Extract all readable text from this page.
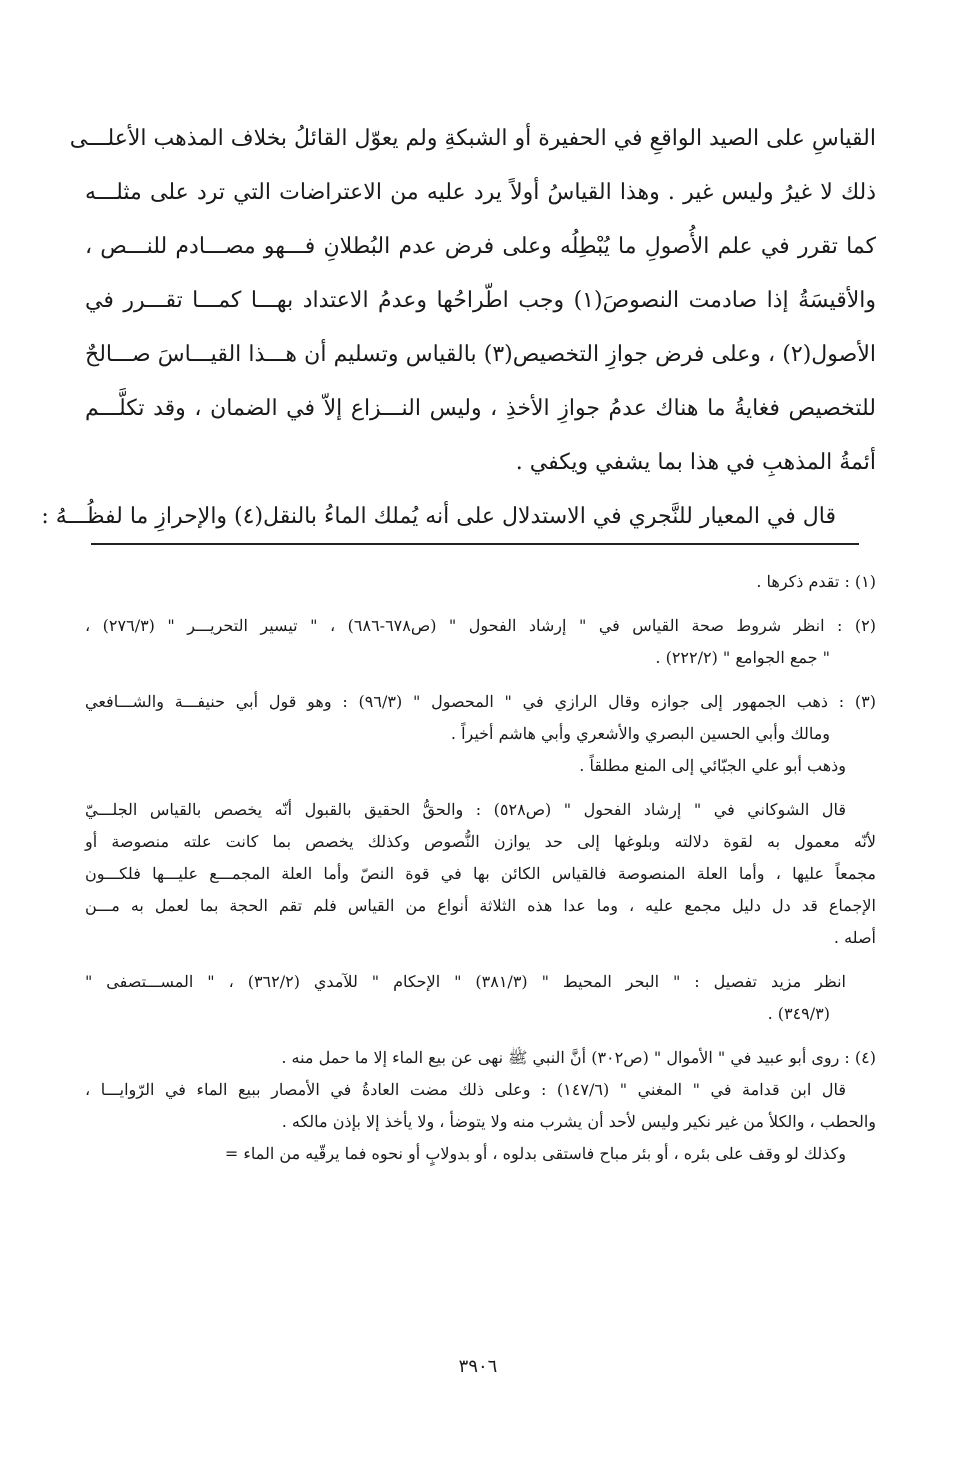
القياسِ على الصيد الواقعِ في الحفيرة أو الشبكةِ ولم يعوّل القائلُ بخلاف المذهب الأعلـــى
ذلك لا غيرُ وليس غير . وهذا القياسُ أولاً يرد عليه من الاعتراضات التي ترد على مثلـــه
كما تقرر في علم الأُصولِ ما يُبْطِلُه وعلى فرض عدم البُطلانِ فـــهو مصـــادم للنـــص ،
والأقيسَةُ إذا صادمت النصوصَ(١) وجب اطّراحُها وعدمُ الاعتداد بهـــا كمـــا تقـــرر في
الأصول(٢) ، وعلى فرض جوازِ التخصيص(٣) بالقياس وتسليم أن هـــذا القيـــاسَ صـــالحٌ
للتخصيص فغايةُ ما هناك عدمُ جوازِ الأخذِ ، وليس النـــزاع إلاّ في الضمان ، وقد تكلَّـــم
أئمةُ المذهبِ في هذا بما يشفي ويكفي .
قال في المعيار للنَّجري في الاستدلال على أنه يُملك الماءُ بالنقل(٤) والإحرازِ ما لفظُـــهُ :
(١) : تقدم ذكرها .
(٢) : انظر شروط صحة القياس في " إرشاد الفحول " (ص٦٧٨-٦٨٦) ، " تيسير التحريـــر " (٢٧٦/٣) ،
" جمع الجوامع " (٢٢٢/٢) .
(٣) : ذهب الجمهور إلى جوازه وقال الرازي في " المحصول " (٩٦/٣) : وهو قول أبي حنيفـــة والشـــافعي
ومالك وأبي الحسين البصري والأشعري وأبي هاشم أخيراً .
وذهب أبو علي الجبّائي إلى المنع مطلقاً .
قال الشوكاني في " إرشاد الفحول " (ص٥٢٨) : والحقُّ الحقيق بالقبول أنّه يخصص بالقياس الجلـــيّ
لأنّه معمول به لقوة دلالته وبلوغها إلى حد يوازن النُّصوص وكذلك يخصص بما كانت علته منصوصة أو
مجمعاً عليها ، وأما العلة المنصوصة فالقياس الكائن بها في قوة النصّ وأما العلة المجمـــع عليـــها فلكـــون
الإجماع قد دل دليل مجمع عليه ، وما عدا هذه الثلاثة أنواع من القياس فلم تقم الحجة بما لعمل به مـــن
أصله .
انظر مزيد تفصيل : " البحر المحيط " (٣٨١/٣) " الإحكام " للآمدي (٣٦٢/٢) ، " المســـتصفى "
(٣٤٩/٣) .
(٤) : روى أبو عبيد في " الأموال " (ص٣٠٢) أنَّ النبي ﷺ نهى عن بيع الماء إلا ما حمل منه .
قال ابن قدامة في " المغني " (١٤٧/٦) : وعلى ذلك مضت العادةُ في الأمصار ببيع الماء في الرّوايـــا ،
والحطب ، والكلأ من غير نكير وليس لأحد أن يشرب منه ولا يتوضأ ، ولا يأخذ إلا بإذن مالكه .
وكذلك لو وقف على بئره ، أو بئر مباح فاستقى بدلوه ، أو بدولابٍ أو نحوه فما يرقّيه من الماء =
٣٩٠٦
